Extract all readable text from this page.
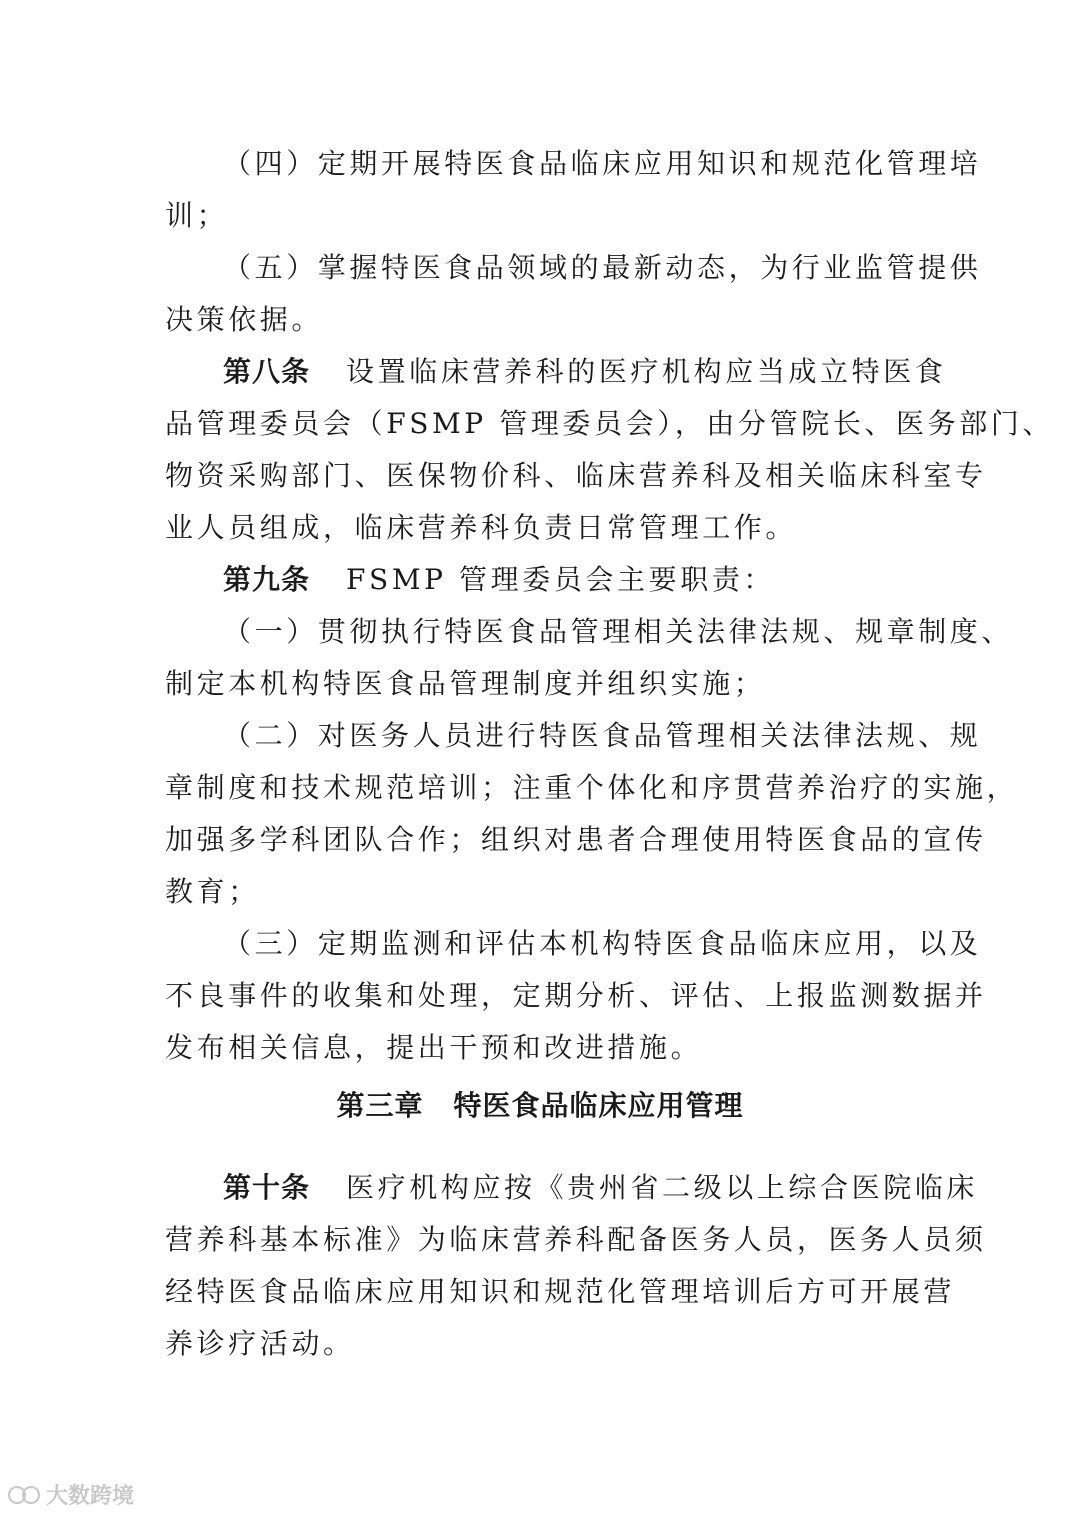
（四）定期开展特医食品临床应用知识和规范化管理培
训；
（五）掌握特医食品领域的最新动态，为行业监管提供
决策依据。
第八条 设置临床营养科的医疗机构应当成立特医食
品管理委员会（FSMP 管理委员会），由分管院长、医务部门、
物资采购部门、医保物价科、临床营养科及相关临床科室专
业人员组成，临床营养科负责日常管理工作。
第九条 FSMP 管理委员会主要职责：
（一）贯彻执行特医食品管理相关法律法规、规章制度、
制定本机构特医食品管理制度并组织实施；
（二）对医务人员进行特医食品管理相关法律法规、规
章制度和技术规范培训；注重个体化和序贯营养治疗的实施，
加强多学科团队合作；组织对患者合理使用特医食品的宣传
教育；
（三）定期监测和评估本机构特医食品临床应用，以及
不良事件的收集和处理，定期分析、评估、上报监测数据并
发布相关信息，提出干预和改进措施。
第三章 特医食品临床应用管理
第十条 医疗机构应按《贵州省二级以上综合医院临床
营养科基本标准》为临床营养科配备医务人员，医务人员须
经特医食品临床应用知识和规范化管理培训后方可开展营
养诊疗活动。
大数跨境
